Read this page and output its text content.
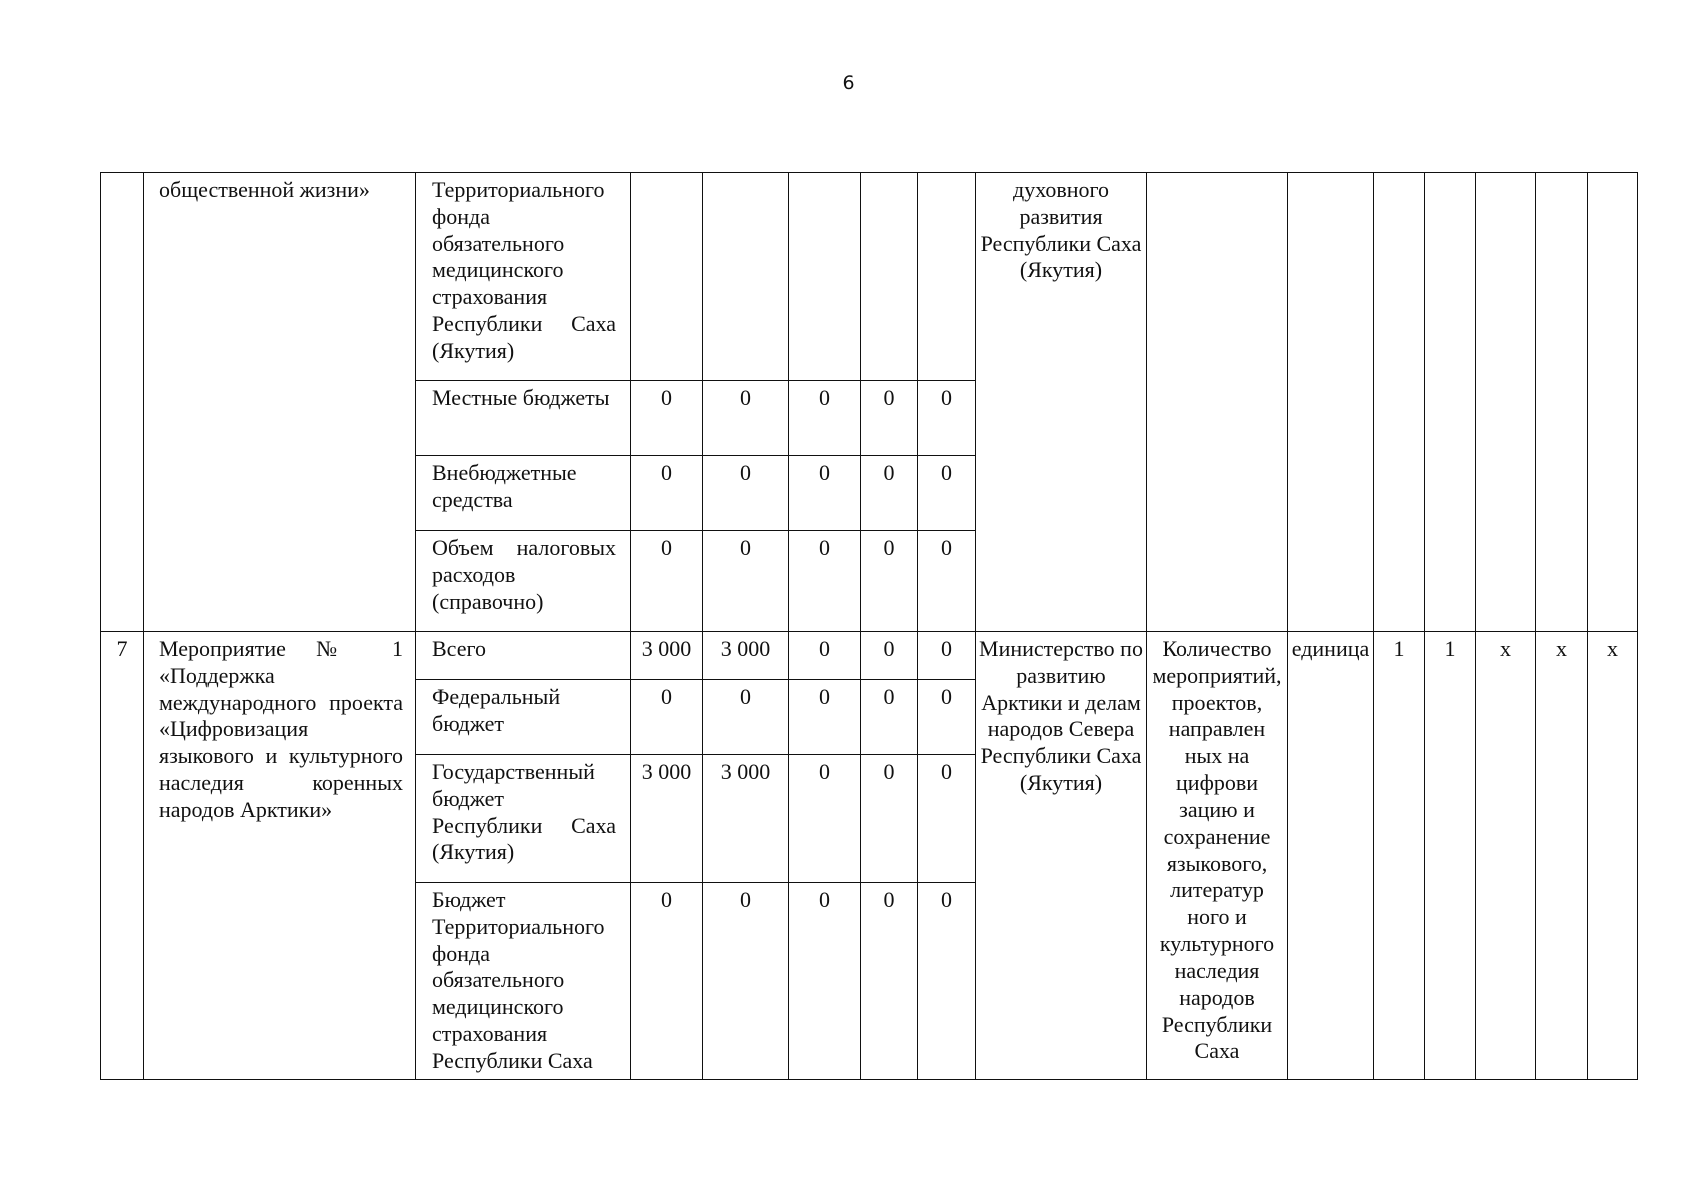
6
	общественной жизни»	Территориального фонда обязательного медицинского страхования Республики Саха (Якутия)						духовного развития Республики Саха (Якутия)							
		Местные бюджеты	0	0	0	0	0								
		Внебюджетные средства	0	0	0	0	0								
		Объем налоговых расходов (справочно)	0	0	0	0	0								
7	Мероприятие № 1 «Поддержка международного проекта «Цифровизация языкового и культурного наследия коренных народов Арктики»	Всего	3 000	3 000	0	0	0	Министерство по развитию Арктики и делам народов Севера Республики Саха (Якутия)	Количество мероприятий, проектов, направлен ных на цифрови зацию и сохранение языкового, литератур ного и культурного наследия народов Республики Саха	единица	1	1	х	х	х
		Федеральный бюджет	0	0	0	0	0								
		Государственный бюджет Республики Саха (Якутия)	3 000	3 000	0	0	0								
		Бюджет Территориального фонда обязательного медицинского страхования Республики Саха	0	0	0	0	0								
